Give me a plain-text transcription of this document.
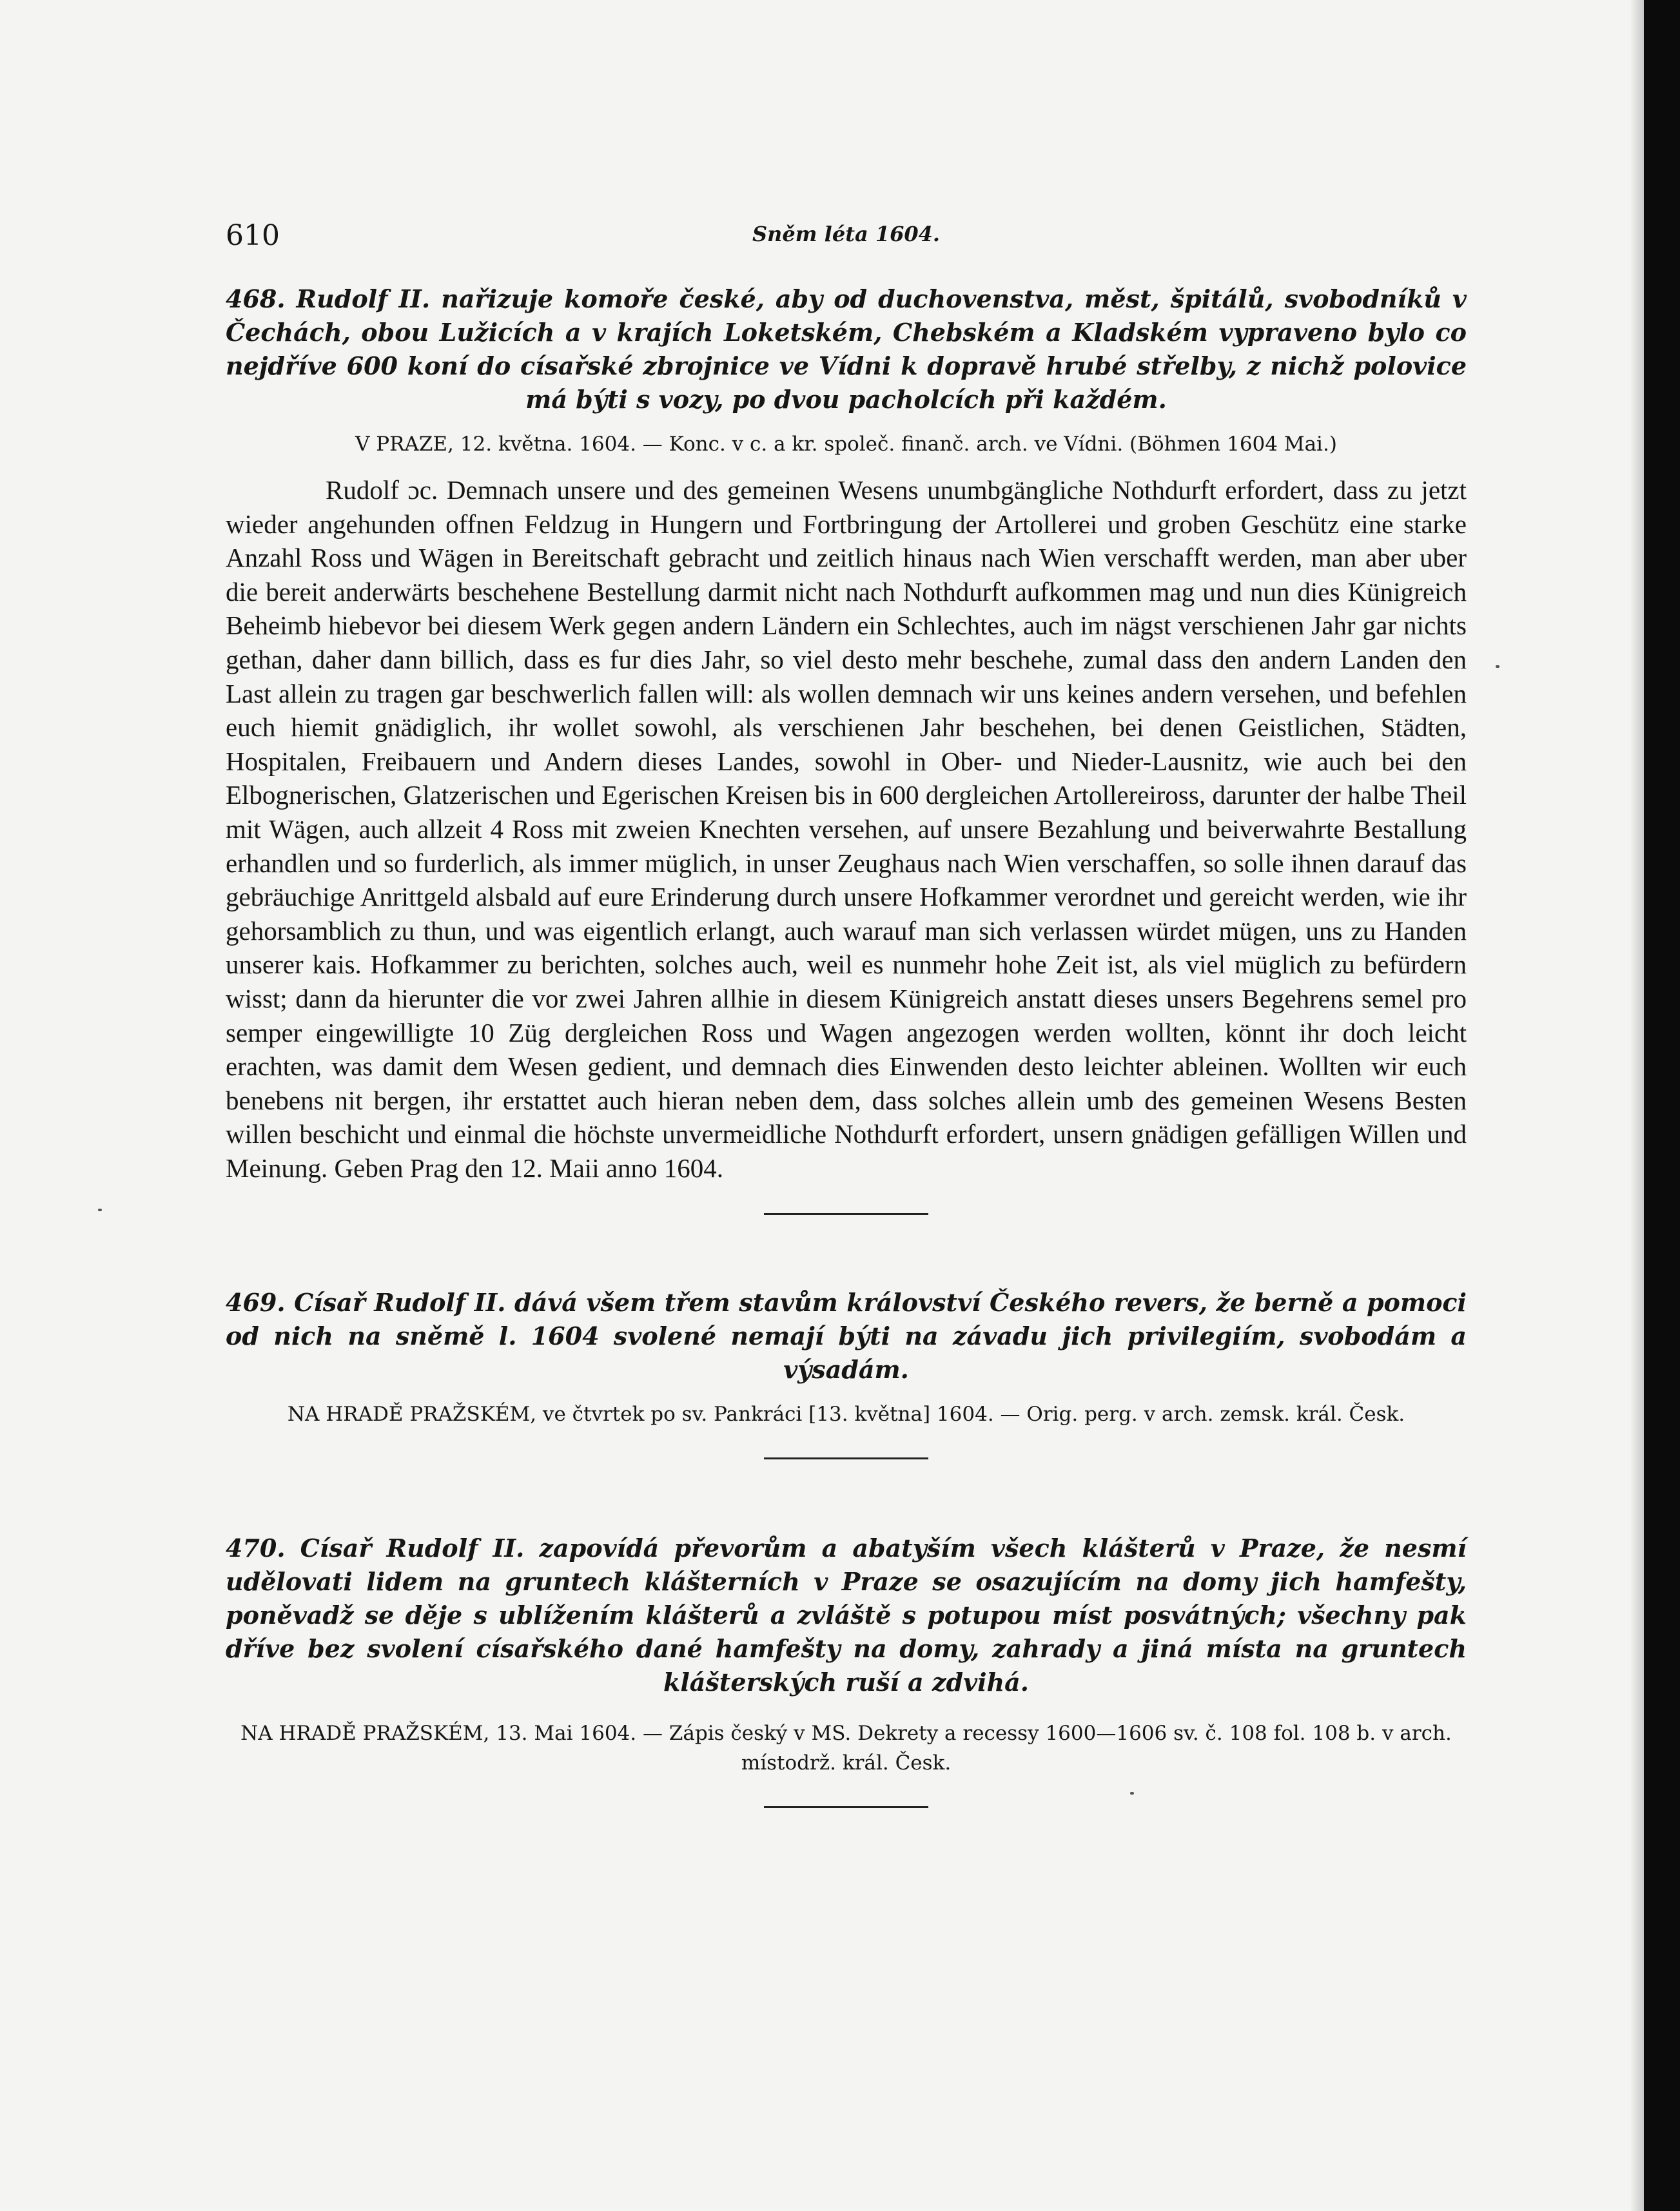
610	Sněm léta 1604.

468. Rudolf II. nařizuje komoře české, aby od duchovenstva, měst, špitálů, svobodníků v Čechách, obou Lužicích a v krajích Loketském, Chebském a Kladském vypraveno bylo co nejdříve 600 koní do císařské zbrojnice ve Vídni k dopravě hrubé střelby, z nichž polovice má býti s vozy, po dvou pacholcích při každém.

V PRAZE, 12. května. 1604. — Konc. v c. a kr. společ. finanč. arch. ve Vídni. (Böhmen 1604 Mai.)

Rudolf ɔc. Demnach unsere und des gemeinen Wesens unumbgängliche Nothdurft erfordert, dass zu jetzt wieder angehunden offnen Feldzug in Hungern und Fortbringung der Artollerei und groben Geschütz eine starke Anzahl Ross und Wägen in Bereitschaft gebracht und zeitlich hinaus nach Wien verschafft werden, man aber uber die bereit anderwärts beschehene Bestellung darmit nicht nach Nothdurft aufkommen mag und nun dies Künigreich Beheimb hiebevor bei diesem Werk gegen andern Ländern ein Schlechtes, auch im nägst verschienen Jahr gar nichts gethan, daher dann billich, dass es fur dies Jahr, so viel desto mehr beschehe, zumal dass den andern Landen den Last allein zu tragen gar beschwerlich fallen will: als wollen demnach wir uns keines andern versehen, und befehlen euch hiemit gnädiglich, ihr wollet sowohl, als verschienen Jahr beschehen, bei denen Geistlichen, Städten, Hospitalen, Freibauern und Andern dieses Landes, sowohl in Ober- und Nieder-Lausnitz, wie auch bei den Elbognerischen, Glatzerischen und Egerischen Kreisen bis in 600 dergleichen Artollereiross, darunter der halbe Theil mit Wägen, auch allzeit 4 Ross mit zweien Knechten versehen, auf unsere Bezahlung und beiverwahrte Bestallung erhandlen und so furderlich, als immer müglich, in unser Zeughaus nach Wien verschaffen, so solle ihnen darauf das gebräuchige Anrittgeld alsbald auf eure Erinderung durch unsere Hofkammer verordnet und gereicht werden, wie ihr gehorsamblich zu thun, und was eigentlich erlangt, auch warauf man sich verlassen würdet mügen, uns zu Handen unserer kais. Hofkammer zu berichten, solches auch, weil es nunmehr hohe Zeit ist, als viel müglich zu befürdern wisst; dann da hierunter die vor zwei Jahren allhie in diesem Künigreich anstatt dieses unsers Begehrens semel pro semper eingewilligte 10 Züg dergleichen Ross und Wagen angezogen werden wollten, könnt ihr doch leicht erachten, was damit dem Wesen gedient, und demnach dies Einwenden desto leichter ableinen. Wollten wir euch benebens nit bergen, ihr erstattet auch hieran neben dem, dass solches allein umb des gemeinen Wesens Besten willen beschicht und einmal die höchste unvermeidliche Nothdurft erfordert, unsern gnädigen gefälligen Willen und Meinung. Geben Prag den 12. Maii anno 1604.

469. Císař Rudolf II. dává všem třem stavům království Českého revers, že berně a pomoci od nich na sněmě l. 1604 svolené nemají býti na závadu jich privilegiím, svobodám a výsadám.

NA HRADĚ PRAŽSKÉM, ve čtvrtek po sv. Pankráci [13. května] 1604. — Orig. perg. v arch. zemsk. král. Česk.

470. Císař Rudolf II. zapovídá převorům a abatyším všech klášterů v Praze, že nesmí udělovati lidem na gruntech klášterních v Praze se osazujícím na domy jich hamfešty, poněvadž se děje s ublížením klášterů a zvláště s potupou míst posvátných; všechny pak dříve bez svolení císařského dané hamfešty na domy, zahrady a jiná místa na gruntech klášterských ruší a zdvihá.

NA HRADĚ PRAŽSKÉM, 13. Mai 1604. — Zápis český v MS. Dekrety a recessy 1600—1606 sv. č. 108 fol. 108 b. v arch. místodrž. král. Česk.
